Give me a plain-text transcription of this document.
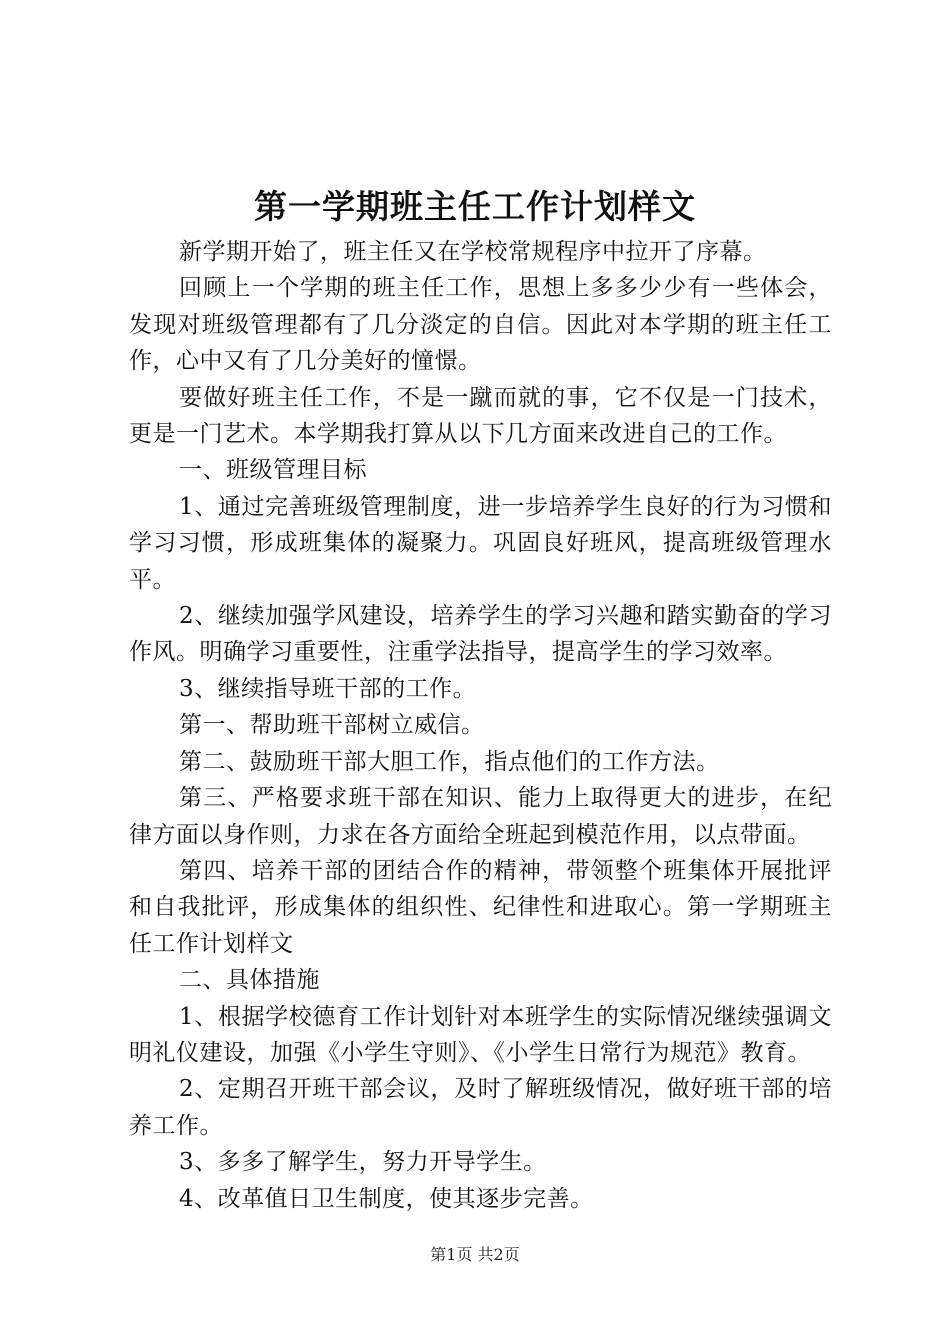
第一学期班主任工作计划样文

新学期开始了，班主任又在学校常规程序中拉开了序幕。

回顾上一个学期的班主任工作，思想上多多少少有一些体会，发现对班级管理都有了几分淡定的自信。因此对本学期的班主任工作，心中又有了几分美好的憧憬。

要做好班主任工作，不是一蹴而就的事，它不仅是一门技术，更是一门艺术。本学期我打算从以下几方面来改进自己的工作。

一、班级管理目标

1、通过完善班级管理制度，进一步培养学生良好的行为习惯和学习习惯，形成班集体的凝聚力。巩固良好班风，提高班级管理水平。

2、继续加强学风建设，培养学生的学习兴趣和踏实勤奋的学习作风。明确学习重要性，注重学法指导，提高学生的学习效率。

3、继续指导班干部的工作。

第一、帮助班干部树立威信。

第二、鼓励班干部大胆工作，指点他们的工作方法。

第三、严格要求班干部在知识、能力上取得更大的进步，在纪律方面以身作则，力求在各方面给全班起到模范作用，以点带面。

第四、培养干部的团结合作的精神，带领整个班集体开展批评和自我批评，形成集体的组织性、纪律性和进取心。第一学期班主任工作计划样文

二、具体措施

1、根据学校德育工作计划针对本班学生的实际情况继续强调文明礼仪建设，加强《小学生守则》、《小学生日常行为规范》教育。

2、定期召开班干部会议，及时了解班级情况，做好班干部的培养工作。

3、多多了解学生，努力开导学生。

4、改革值日卫生制度，使其逐步完善。

第1页 共2页
